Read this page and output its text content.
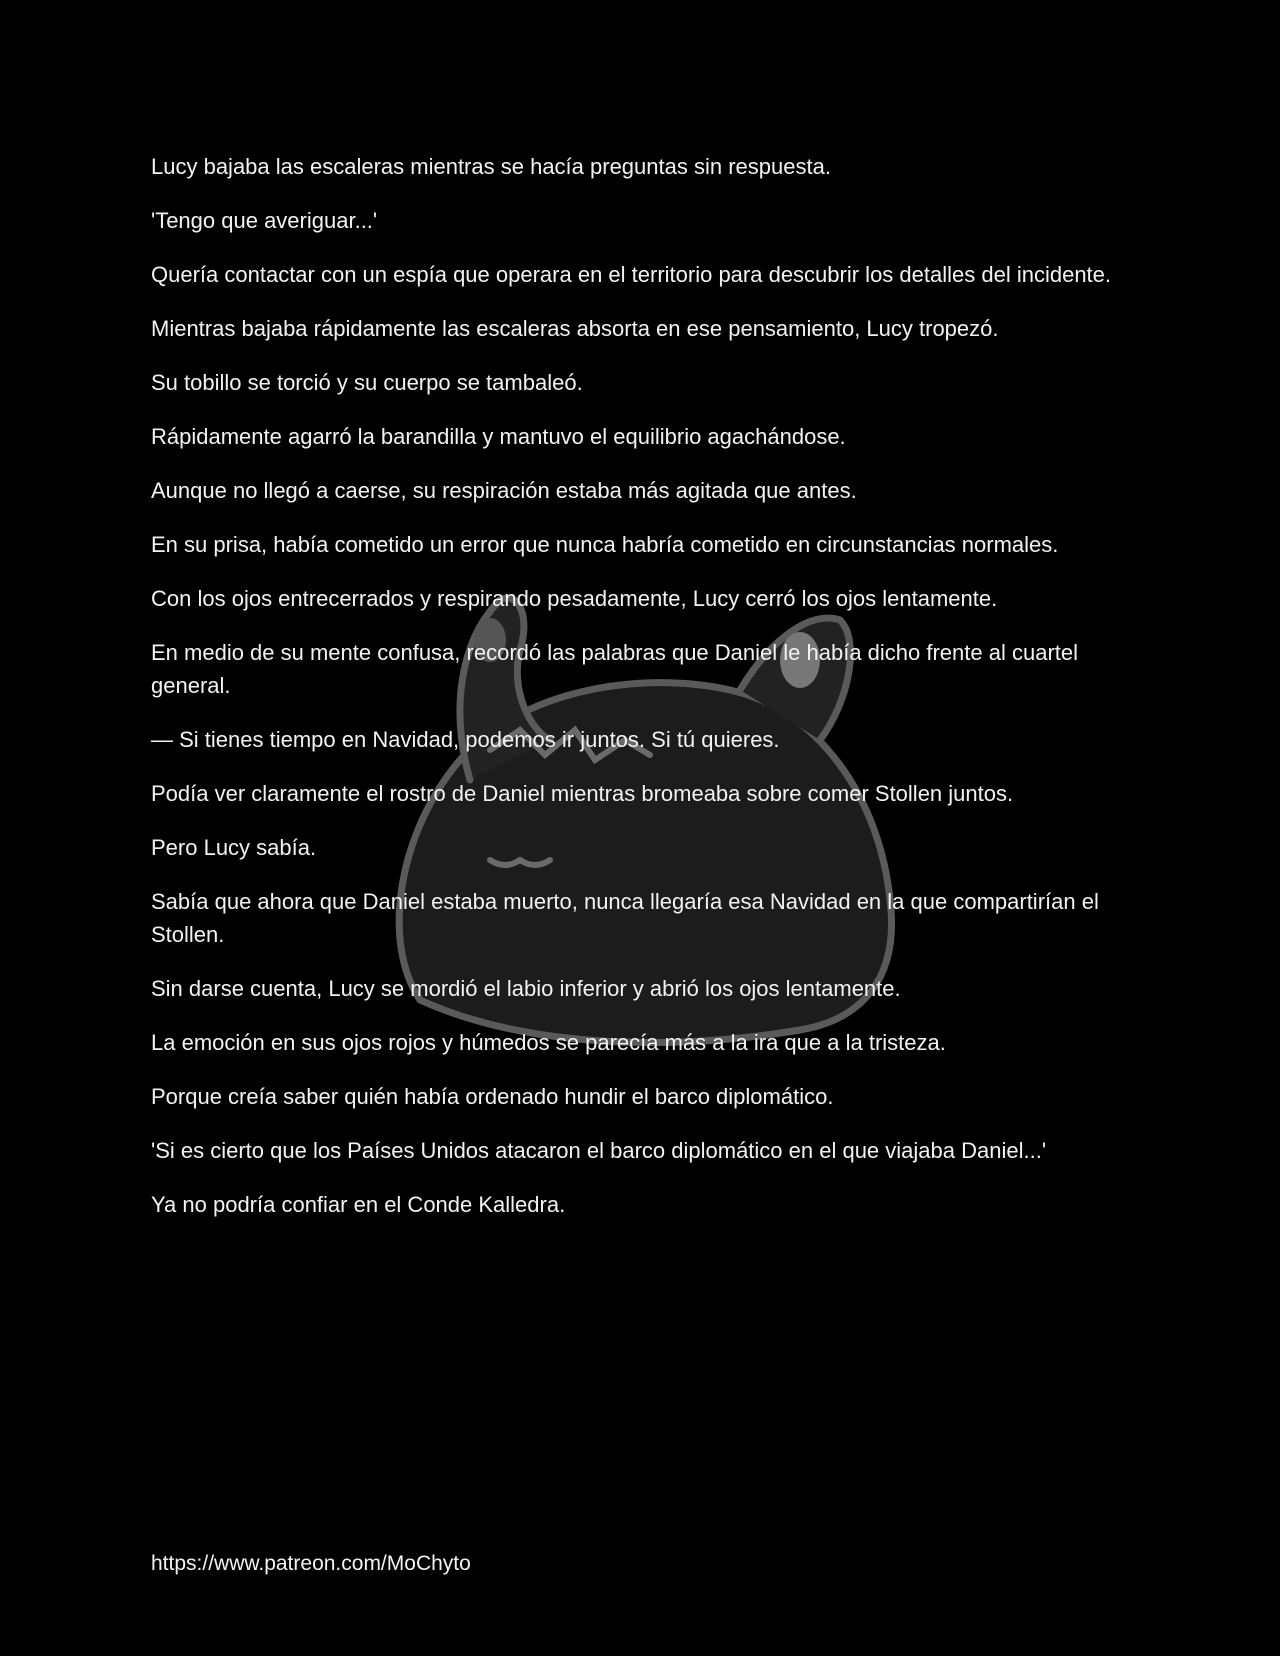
Lucy bajaba las escaleras mientras se hacía preguntas sin respuesta.

'Tengo que averiguar...'

Quería contactar con un espía que operara en el territorio para descubrir los detalles del incidente.

Mientras bajaba rápidamente las escaleras absorta en ese pensamiento, Lucy tropezó.

Su tobillo se torció y su cuerpo se tambaleó.

Rápidamente agarró la barandilla y mantuvo el equilibrio agachándose.

Aunque no llegó a caerse, su respiración estaba más agitada que antes.

En su prisa, había cometido un error que nunca habría cometido en circunstancias normales.

Con los ojos entrecerrados y respirando pesadamente, Lucy cerró los ojos lentamente.

En medio de su mente confusa, recordó las palabras que Daniel le había dicho frente al cuartel general.

— Si tienes tiempo en Navidad, podemos ir juntos. Si tú quieres.

Podía ver claramente el rostro de Daniel mientras bromeaba sobre comer Stollen juntos.

Pero Lucy sabía.

Sabía que ahora que Daniel estaba muerto, nunca llegaría esa Navidad en la que compartirían el Stollen.

Sin darse cuenta, Lucy se mordió el labio inferior y abrió los ojos lentamente.

La emoción en sus ojos rojos y húmedos se parecía más a la ira que a la tristeza.

Porque creía saber quién había ordenado hundir el barco diplomático.

'Si es cierto que los Países Unidos atacaron el barco diplomático en el que viajaba Daniel...'

Ya no podría confiar en el Conde Kalledra.

https://www.patreon.com/MoChyto
